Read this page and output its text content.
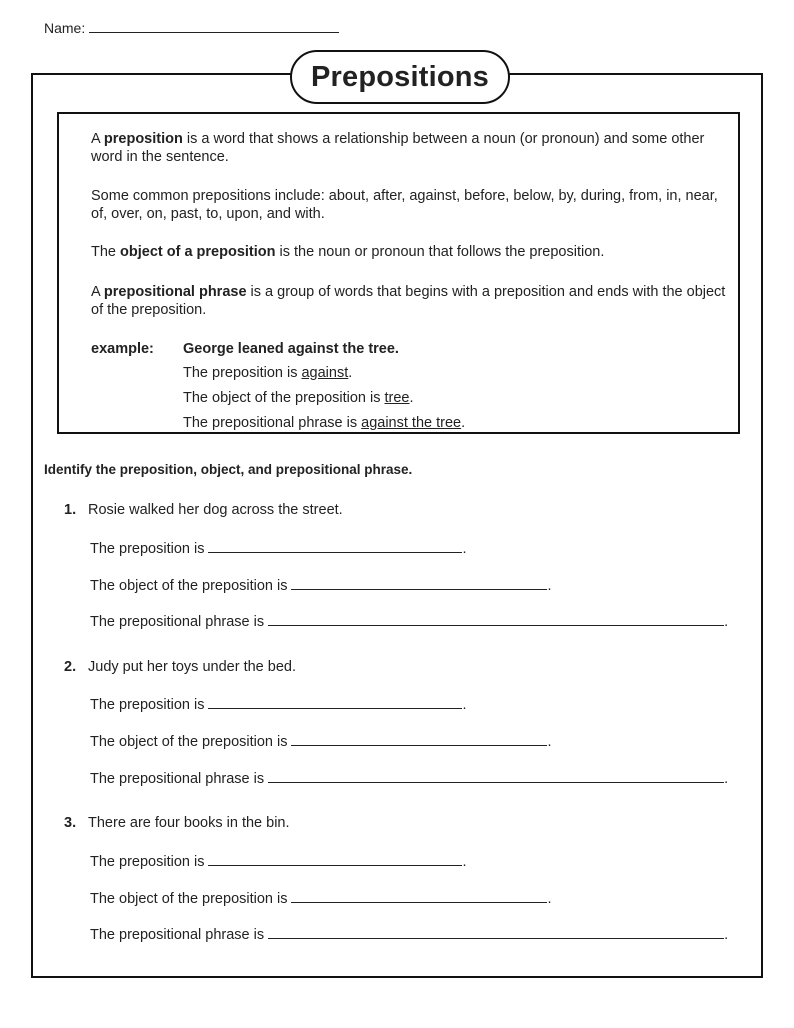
Name:
Prepositions

A preposition is a word that shows a relationship between a noun (or pronoun) and some other word in the sentence.

Some common prepositions include: about, after, against, before, below, by, during, from, in, near, of, over, on, past, to, upon, and with.

The object of a preposition is the noun or pronoun that follows the preposition.

A prepositional phrase is a group of words that begins with a preposition and ends with the object of the preposition.

example: George leaned against the tree.
The preposition is against.
The object of the preposition is tree.
The prepositional phrase is against the tree.
Identify the preposition, object, and prepositional phrase.
1. Rosie walked her dog across the street.
The preposition is	.
The object of the preposition is	.
The prepositional phrase is	.
2. Judy put her toys under the bed.
The preposition is	.
The object of the preposition is	.
The prepositional phrase is	.
3. There are four books in the bin.
The preposition is	.
The object of the preposition is	.
The prepositional phrase is	.
